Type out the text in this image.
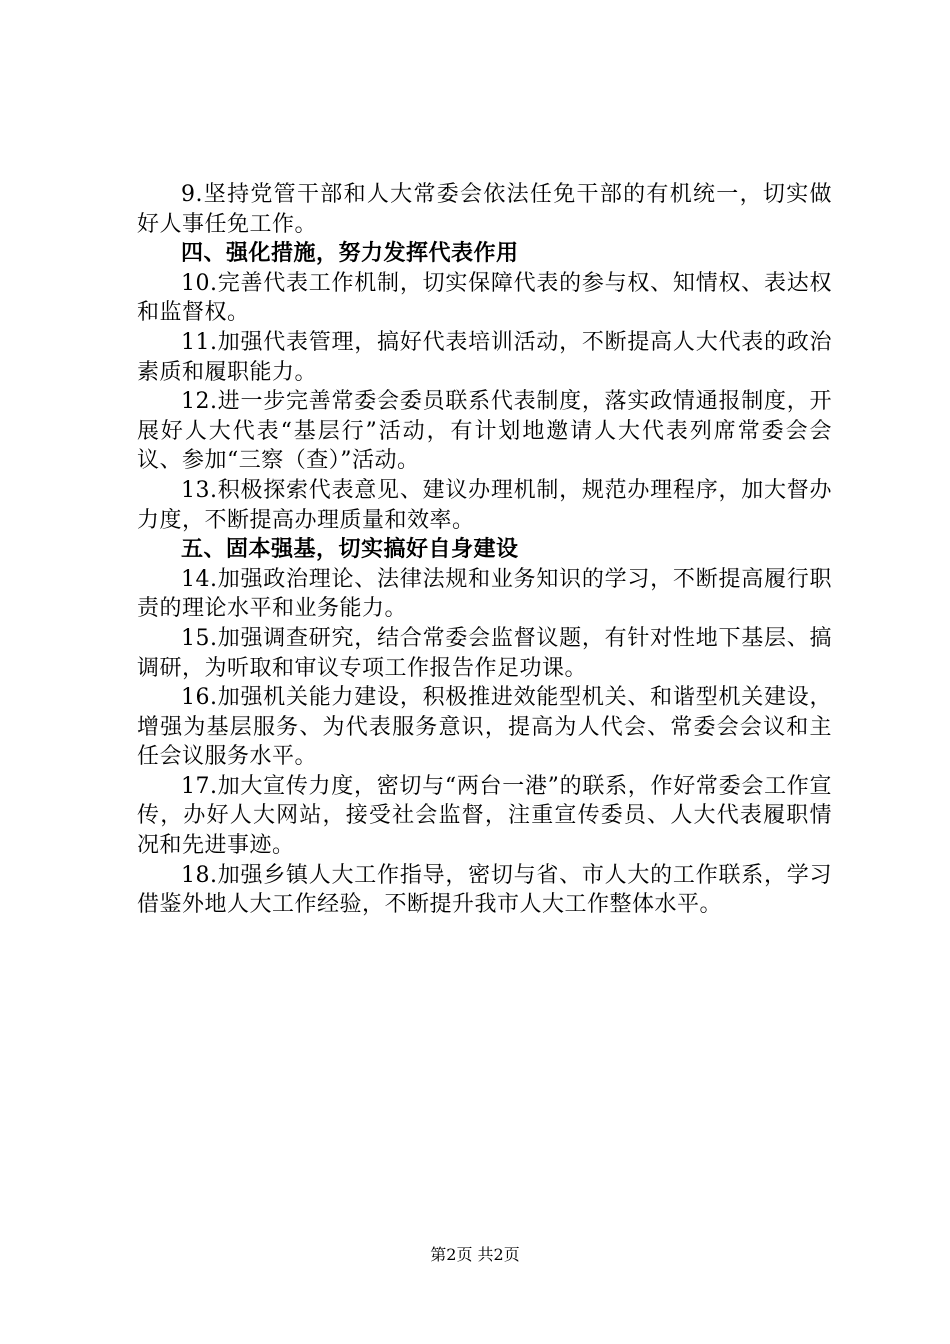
9.坚持党管干部和人大常委会依法任免干部的有机统一，切实做好人事任免工作。

四、强化措施，努力发挥代表作用

10.完善代表工作机制，切实保障代表的参与权、知情权、表达权和监督权。

11.加强代表管理，搞好代表培训活动，不断提高人大代表的政治素质和履职能力。

12.进一步完善常委会委员联系代表制度，落实政情通报制度，开展好人大代表“基层行”活动，有计划地邀请人大代表列席常委会会议、参加“三察（查）”活动。

13.积极探索代表意见、建议办理机制，规范办理程序，加大督办力度，不断提高办理质量和效率。

五、固本强基，切实搞好自身建设

14.加强政治理论、法律法规和业务知识的学习，不断提高履行职责的理论水平和业务能力。

15.加强调查研究，结合常委会监督议题，有针对性地下基层、搞调研，为听取和审议专项工作报告作足功课。

16.加强机关能力建设，积极推进效能型机关、和谐型机关建设，增强为基层服务、为代表服务意识，提高为人代会、常委会会议和主任会议服务水平。

17.加大宣传力度，密切与“两台一港”的联系，作好常委会工作宣传，办好人大网站，接受社会监督，注重宣传委员、人大代表履职情况和先进事迹。

18.加强乡镇人大工作指导，密切与省、市人大的工作联系，学习借鉴外地人大工作经验，不断提升我市人大工作整体水平。

第2页 共2页
